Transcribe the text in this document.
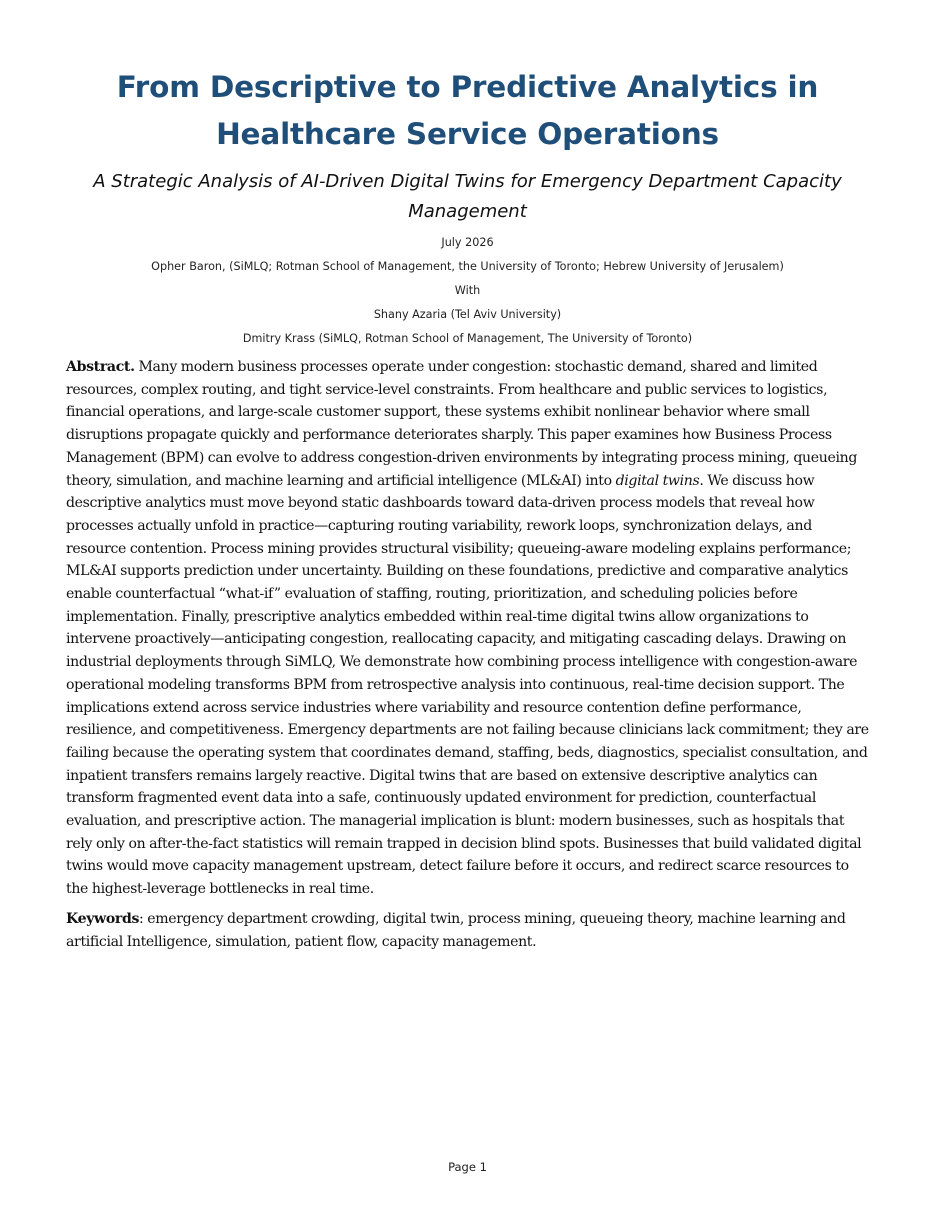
From Descriptive to Predictive Analytics in
Healthcare Service Operations

A Strategic Analysis of AI-Driven Digital Twins for Emergency Department Capacity Management

July 2026

Opher Baron, (SiMLQ; Rotman School of Management, the University of Toronto; Hebrew University of Jerusalem)

With

Shany Azaria (Tel Aviv University)

Dmitry Krass (SiMLQ, Rotman School of Management, The University of Toronto)

Abstract. Many modern business processes operate under congestion: stochastic demand, shared and limited resources, complex routing, and tight service-level constraints. From healthcare and public services to logistics, financial operations, and large-scale customer support, these systems exhibit nonlinear behavior where small disruptions propagate quickly and performance deteriorates sharply. This paper examines how Business Process Management (BPM) can evolve to address congestion-driven environments by integrating process mining, queueing theory, simulation, and machine learning and artificial intelligence (ML&AI) into digital twins. We discuss how descriptive analytics must move beyond static dashboards toward data-driven process models that reveal how processes actually unfold in practice—capturing routing variability, rework loops, synchronization delays, and resource contention. Process mining provides structural visibility; queueing-aware modeling explains performance; ML&AI supports prediction under uncertainty. Building on these foundations, predictive and comparative analytics enable counterfactual “what-if” evaluation of staffing, routing, prioritization, and scheduling policies before implementation. Finally, prescriptive analytics embedded within real-time digital twins allow organizations to intervene proactively—anticipating congestion, reallocating capacity, and mitigating cascading delays. Drawing on industrial deployments through SiMLQ, We demonstrate how combining process intelligence with congestion-aware operational modeling transforms BPM from retrospective analysis into continuous, real-time decision support. The implications extend across service industries where variability and resource contention define performance, resilience, and competitiveness. Emergency departments are not failing because clinicians lack commitment; they are failing because the operating system that coordinates demand, staffing, beds, diagnostics, specialist consultation, and inpatient transfers remains largely reactive. Digital twins that are based on extensive descriptive analytics can transform fragmented event data into a safe, continuously updated environment for prediction, counterfactual evaluation, and prescriptive action. The managerial implication is blunt: modern businesses, such as hospitals that rely only on after-the-fact statistics will remain trapped in decision blind spots. Businesses that build validated digital twins would move capacity management upstream, detect failure before it occurs, and redirect scarce resources to the highest-leverage bottlenecks in real time.

Keywords: emergency department crowding, digital twin, process mining, queueing theory, machine learning and artificial Intelligence, simulation, patient flow, capacity management.

Page 1
